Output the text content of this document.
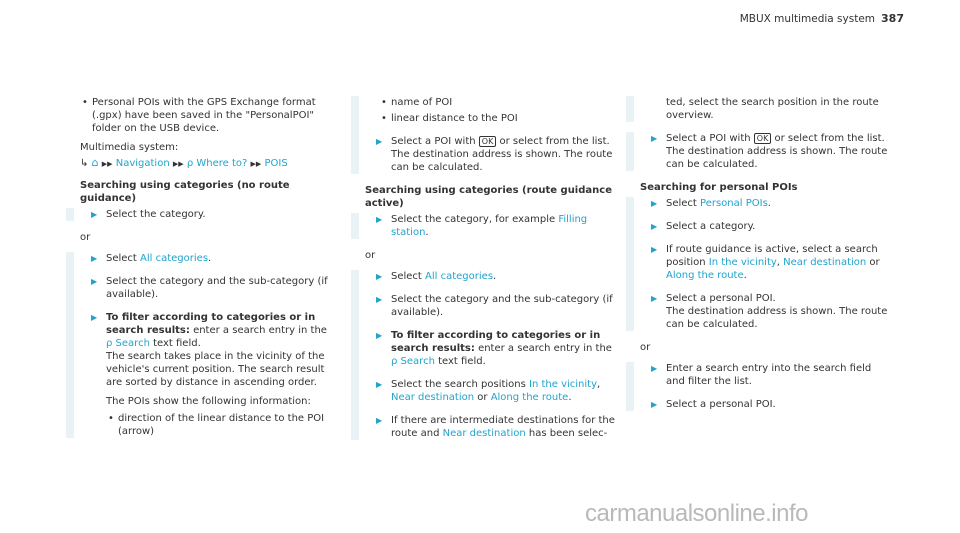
MBUX multimedia system 387
• Personal POIs with the GPS Exchange format (.gpx) have been saved in the "PersonalPOI" folder on the USB device.

Multimedia system:

↳ ⌂ ▶▶ Navigation ▶▶ ρ Where to? ▶▶ POIS

Searching using categories (no route guidance)

▶ Select the category.

or

▶ Select All categories.
▶ Select the category and the sub-category (if available).
▶ To filter according to categories or in search results: enter a search entry in the
ρ Search text field.
The search takes place in the vicinity of the vehicle's current position. The search result are sorted by distance in ascending order.
The POIs show the following information:
• direction of the linear distance to the POI (arrow)
• name of POI
• linear distance to the POI
▶ Select a POI with OK or select from the list.
The destination address is shown. The route can be calculated.

Searching using categories (route guidance active)

▶ Select the category, for example Filling station.

or

▶ Select All categories.
▶ Select the category and the sub-category (if available).
▶ To filter according to categories or in search results: enter a search entry in the
ρ Search text field.
▶ Select the search positions In the vicinity, Near destination or Along the route.
▶ If there are intermediate destinations for the route and Near destination has been selec-
ted, select the search position in the route overview.
▶ Select a POI with OK or select from the list.
The destination address is shown. The route can be calculated.

Searching for personal POIs

▶ Select Personal POIs.
▶ Select a category.
▶ If route guidance is active, select a search position In the vicinity, Near destination or Along the route.
▶ Select a personal POI.
The destination address is shown. The route can be calculated.

or

▶ Enter a search entry into the search field and filter the list.
▶ Select a personal POI.
carmanualsonline.info
